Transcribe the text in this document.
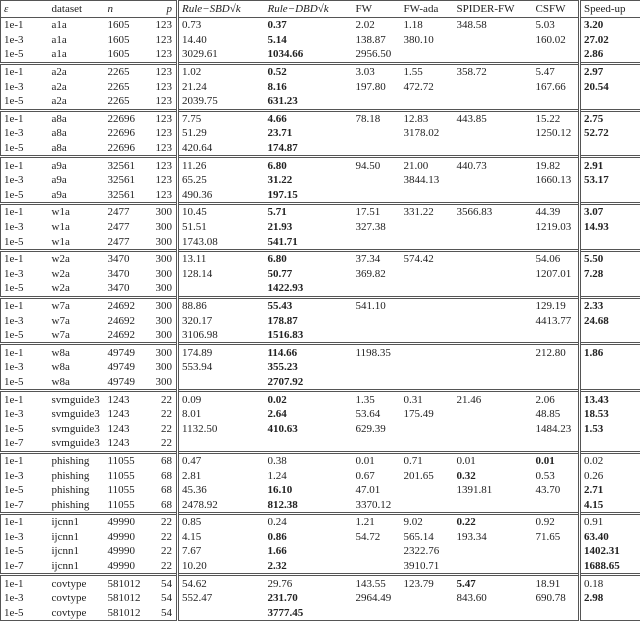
ε	dataset	n	p	Rule−SBD√k	Rule−DBD√k	FW	FW-ada	SPIDER-FW	CSFW	Speed-up
1e-1	a1a	1605	123	0.73	0.37	2.02	1.18	348.58	5.03	3.20
1e-3	a1a	1605	123	14.40	5.14	138.87	380.10		160.02	27.02
1e-5	a1a	1605	123	3029.61	1034.66	2956.50				2.86
1e-1	a2a	2265	123	1.02	0.52	3.03	1.55	358.72	5.47	2.97
1e-3	a2a	2265	123	21.24	8.16	197.80	472.72		167.66	20.54
1e-5	a2a	2265	123	2039.75	631.23					
1e-1	a8a	22696	123	7.75	4.66	78.18	12.83	443.85	15.22	2.75
1e-3	a8a	22696	123	51.29	23.71		3178.02		1250.12	52.72
1e-5	a8a	22696	123	420.64	174.87					
1e-1	a9a	32561	123	11.26	6.80	94.50	21.00	440.73	19.82	2.91
1e-3	a9a	32561	123	65.25	31.22		3844.13		1660.13	53.17
1e-5	a9a	32561	123	490.36	197.15					
1e-1	w1a	2477	300	10.45	5.71	17.51	331.22	3566.83	44.39	3.07
1e-3	w1a	2477	300	51.51	21.93	327.38			1219.03	14.93
1e-5	w1a	2477	300	1743.08	541.71					
1e-1	w2a	3470	300	13.11	6.80	37.34	574.42		54.06	5.50
1e-3	w2a	3470	300	128.14	50.77	369.82			1207.01	7.28
1e-5	w2a	3470	300		1422.93					
1e-1	w7a	24692	300	88.86	55.43	541.10			129.19	2.33
1e-3	w7a	24692	300	320.17	178.87				4413.77	24.68
1e-5	w7a	24692	300	3106.98	1516.83					
1e-1	w8a	49749	300	174.89	114.66	1198.35			212.80	1.86
1e-3	w8a	49749	300	553.94	355.23					
1e-5	w8a	49749	300		2707.92					
1e-1	svmguide3	1243	22	0.09	0.02	1.35	0.31	21.46	2.06	13.43
1e-3	svmguide3	1243	22	8.01	2.64	53.64	175.49		48.85	18.53
1e-5	svmguide3	1243	22	1132.50	410.63	629.39			1484.23	1.53
1e-7	svmguide3	1243	22							
1e-1	phishing	11055	68	0.47	0.38	0.01	0.71	0.01	0.01	0.02
1e-3	phishing	11055	68	2.81	1.24	0.67	201.65	0.32	0.53	0.26
1e-5	phishing	11055	68	45.36	16.10	47.01		1391.81	43.70	2.71
1e-7	phishing	11055	68	2478.92	812.38	3370.12				4.15
1e-1	ijcnn1	49990	22	0.85	0.24	1.21	9.02	0.22	0.92	0.91
1e-3	ijcnn1	49990	22	4.15	0.86	54.72	565.14	193.34	71.65	63.40
1e-5	ijcnn1	49990	22	7.67	1.66		2322.76			1402.31
1e-7	ijcnn1	49990	22	10.20	2.32		3910.71			1688.65
1e-1	covtype	581012	54	54.62	29.76	143.55	123.79	5.47	18.91	0.18
1e-3	covtype	581012	54	552.47	231.70	2964.49		843.60	690.78	2.98
1e-5	covtype	581012	54		3777.45					
